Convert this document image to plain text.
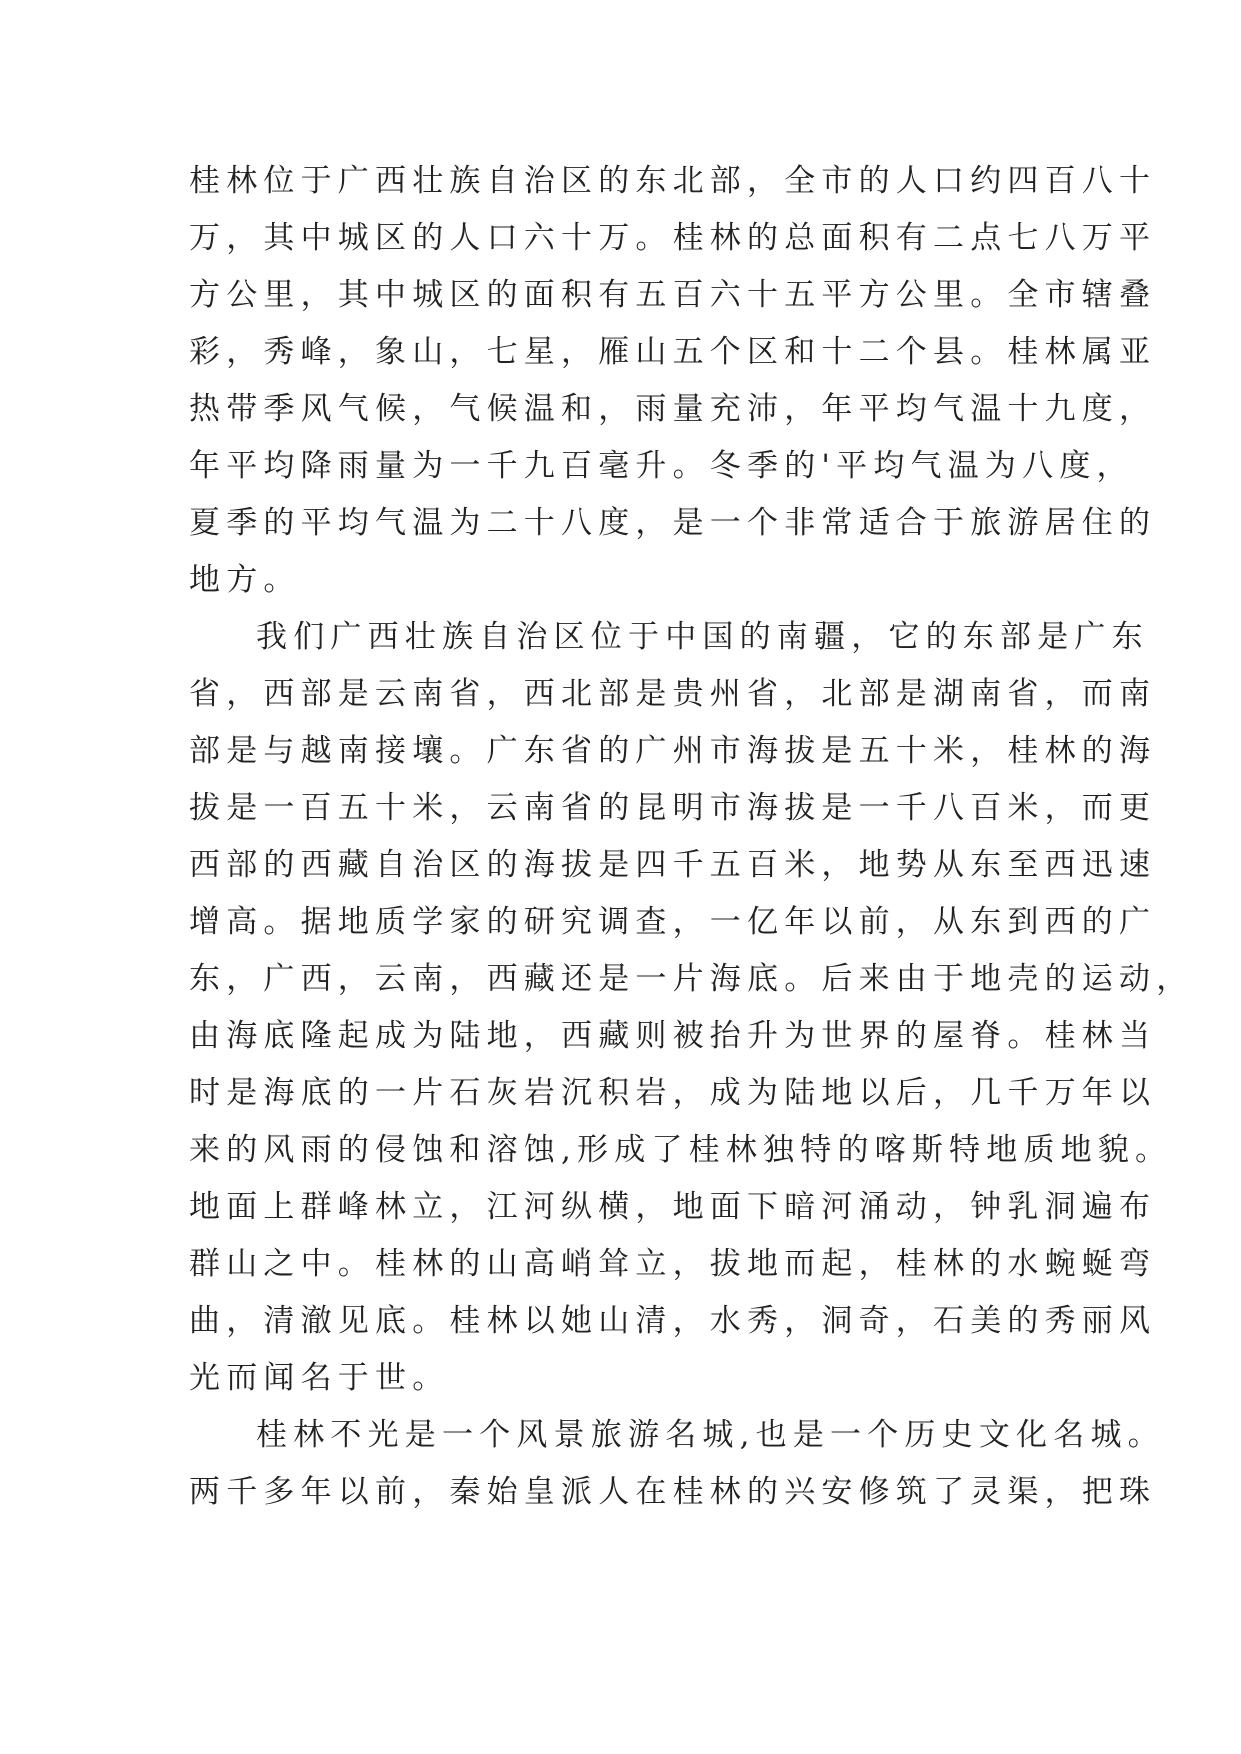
桂林位于广西壮族自治区的东北部，全市的人口约四百八十
万，其中城区的人口六十万。桂林的总面积有二点七八万平
方公里，其中城区的面积有五百六十五平方公里。全市辖叠
彩，秀峰，象山，七星，雁山五个区和十二个县。桂林属亚
热带季风气候，气候温和，雨量充沛，年平均气温十九度，
年平均降雨量为一千九百毫升。冬季的'平均气温为八度，
夏季的平均气温为二十八度，是一个非常适合于旅游居住的
地方。
我们广西壮族自治区位于中国的南疆，它的东部是广东
省，西部是云南省，西北部是贵州省，北部是湖南省，而南
部是与越南接壤。广东省的广州市海拔是五十米，桂林的海
拔是一百五十米，云南省的昆明市海拔是一千八百米，而更
西部的西藏自治区的海拔是四千五百米，地势从东至西迅速
增高。据地质学家的研究调查，一亿年以前，从东到西的广
东，广西，云南，西藏还是一片海底。后来由于地壳的运动，
由海底隆起成为陆地，西藏则被抬升为世界的屋脊。桂林当
时是海底的一片石灰岩沉积岩，成为陆地以后，几千万年以
来的风雨的侵蚀和溶蚀,形成了桂林独特的喀斯特地质地貌。
地面上群峰林立，江河纵横，地面下暗河涌动，钟乳洞遍布
群山之中。桂林的山高峭耸立，拔地而起，桂林的水蜿蜒弯
曲，清澈见底。桂林以她山清，水秀，洞奇，石美的秀丽风
光而闻名于世。
桂林不光是一个风景旅游名城,也是一个历史文化名城。
两千多年以前，秦始皇派人在桂林的兴安修筑了灵渠，把珠
